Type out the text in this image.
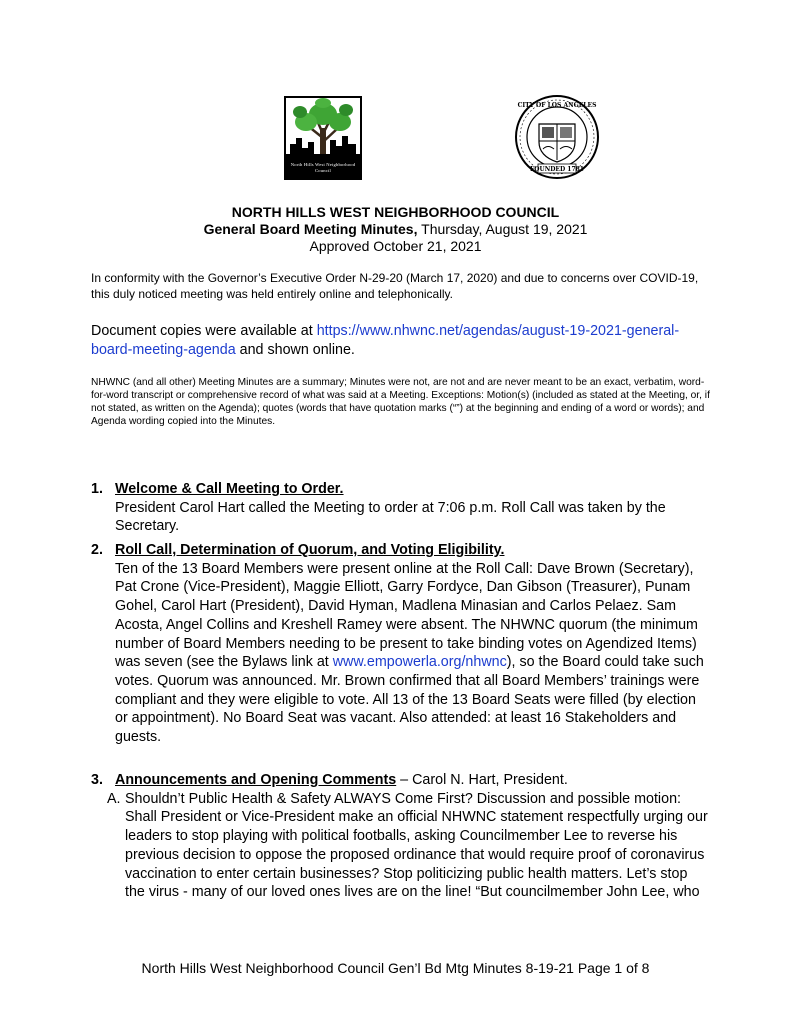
North Hills West Neighborhood Council
CITY OF LOS ANGELES
FOUNDED 1781
NORTH HILLS WEST NEIGHBORHOOD COUNCIL
General Board Meeting Minutes, Thursday, August 19, 2021
Approved October 21, 2021
In conformity with the Governor’s Executive Order N-29-20 (March 17, 2020) and due to concerns over COVID-19, this duly noticed meeting was held entirely online and telephonically.
Document copies were available at https://www.nhwnc.net/agendas/august-19-2021-general-board-meeting-agenda and shown online.
NHWNC (and all other) Meeting Minutes are a summary; Minutes were not, are not and are never meant to be an exact, verbatim, word-for-word transcript or comprehensive record of what was said at a Meeting. Exceptions: Motion(s) (included as stated at the Meeting, or, if not stated, as written on the Agenda); quotes (words that have quotation marks (“”) at the beginning and ending of a word or words); and Agenda wording copied into the Minutes.
1. Welcome & Call Meeting to Order.
President Carol Hart called the Meeting to order at 7:06 p.m. Roll Call was taken by the Secretary.
2. Roll Call, Determination of Quorum, and Voting Eligibility.
Ten of the 13 Board Members were present online at the Roll Call: Dave Brown (Secretary), Pat Crone (Vice-President), Maggie Elliott, Garry Fordyce, Dan Gibson (Treasurer), Punam Gohel, Carol Hart (President), David Hyman, Madlena Minasian and Carlos Pelaez. Sam Acosta, Angel Collins and Kreshell Ramey were absent. The NHWNC quorum (the minimum number of Board Members needing to be present to take binding votes on Agendized Items) was seven (see the Bylaws link at www.empowerla.org/nhwnc), so the Board could take such votes. Quorum was announced. Mr. Brown confirmed that all Board Members’ trainings were compliant and they were eligible to vote. All 13 of the 13 Board Seats were filled (by election or appointment). No Board Seat was vacant. Also attended: at least 16 Stakeholders and guests.
3. Announcements and Opening Comments – Carol N. Hart, President.
A. Shouldn’t Public Health & Safety ALWAYS Come First? Discussion and possible motion: Shall President or Vice-President make an official NHWNC statement respectfully urging our leaders to stop playing with political footballs, asking Councilmember Lee to reverse his previous decision to oppose the proposed ordinance that would require proof of coronavirus vaccination to enter certain businesses? Stop politicizing public health matters. Let’s stop the virus - many of our loved ones lives are on the line! “But councilmember John Lee, who
North Hills West Neighborhood Council Gen’l Bd Mtg Minutes 8-19-21 Page 1 of 8
